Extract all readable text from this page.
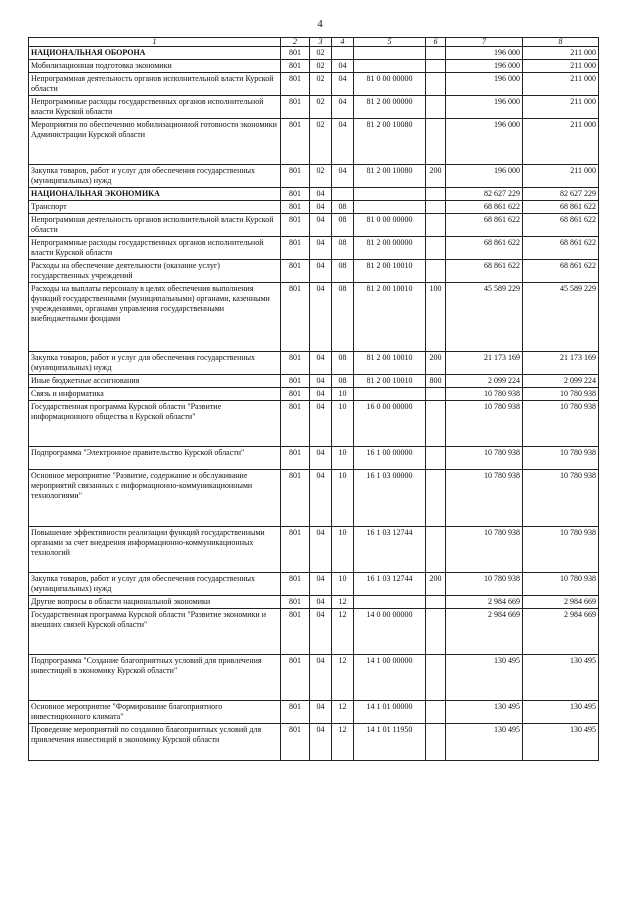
4
1	2	3	4	5	6	7	8
НАЦИОНАЛЬНАЯ ОБОРОНА	801	02				196 000	211 000
Мобилизационная подготовка экономики	801	02	04			196 000	211 000
Непрограммная деятельность органов исполнительной власти Курской области	801	02	04	81 0 00 00000		196 000	211 000
Непрограммные расходы государственных органов исполнительной власти Курской области	801	02	04	81 2 00 00000		196 000	211 000
Мероприятия по обеспечению мобилизационной готовности экономики Администрации Курской области	801	02	04	81 2 00 10080		196 000	211 000
Закупка товаров, работ и услуг для обеспечения государственных (муниципальных) нужд	801	02	04	81 2 00 10080	200	196 000	211 000
НАЦИОНАЛЬНАЯ ЭКОНОМИКА	801	04				82 627 229	82 627 229
Транспорт	801	04	08			68 861 622	68 861 622
Непрограммная деятельность органов исполнительной власти Курской области	801	04	08	81 0 00 00000		68 861 622	68 861 622
Непрограммные расходы государственных органов исполнительной власти Курской области	801	04	08	81 2 00 00000		68 861 622	68 861 622
Расходы на обеспечение деятельности (оказание услуг) государственных учреждений	801	04	08	81 2 00 10010		68 861 622	68 861 622
Расходы на выплаты персоналу в целях обеспечения выполнения функций государственными (муниципальными) органами, казенными учреждениями, органами управления государственными внебюджетными фондами	801	04	08	81 2 00 10010	100	45 589 229	45 589 229
Закупка товаров, работ и услуг для обеспечения государственных (муниципальных) нужд	801	04	08	81 2 00 10010	200	21 173 169	21 173 169
Иные бюджетные ассигнования	801	04	08	81 2 00 10010	800	2 099 224	2 099 224
Связь и информатика	801	04	10			10 780 938	10 780 938
Государственная программа Курской области "Развитие информационного общества в Курской области"	801	04	10	16 0 00 00000		10 780 938	10 780 938
Подпрограмма "Электронное правительство Курской области"	801	04	10	16 1 00 00000		10 780 938	10 780 938
Основное мероприятие "Развитие, содержание и обслуживание мероприятий связанных с информационно-коммуникационными технологиями"	801	04	10	16 1 03 00000		10 780 938	10 780 938
Повышение эффективности реализации функций государственными органами за счет внедрения информационно-коммуникационных технологий	801	04	10	16 1 03 12744		10 780 938	10 780 938
Закупка товаров, работ и услуг для обеспечения государственных (муниципальных) нужд	801	04	10	16 1 03 12744	200	10 780 938	10 780 938
Другие вопросы в области национальной экономики	801	04	12			2 984 669	2 984 669
Государственная программа Курской области "Развитие экономики и внешних связей Курской области"	801	04	12	14 0 00 00000		2 984 669	2 984 669
Подпрограмма "Создание благоприятных условий для привлечения инвестиций в экономику Курской области"	801	04	12	14 1 00 00000		130 495	130 495
Основное мероприятие "Формирование благоприятного инвестиционного климата"	801	04	12	14 1 01 00000		130 495	130 495
Проведение мероприятий по созданию благоприятных условий для привлечения инвестиций в экономику Курской области	801	04	12	14 1 01 11950		130 495	130 495
